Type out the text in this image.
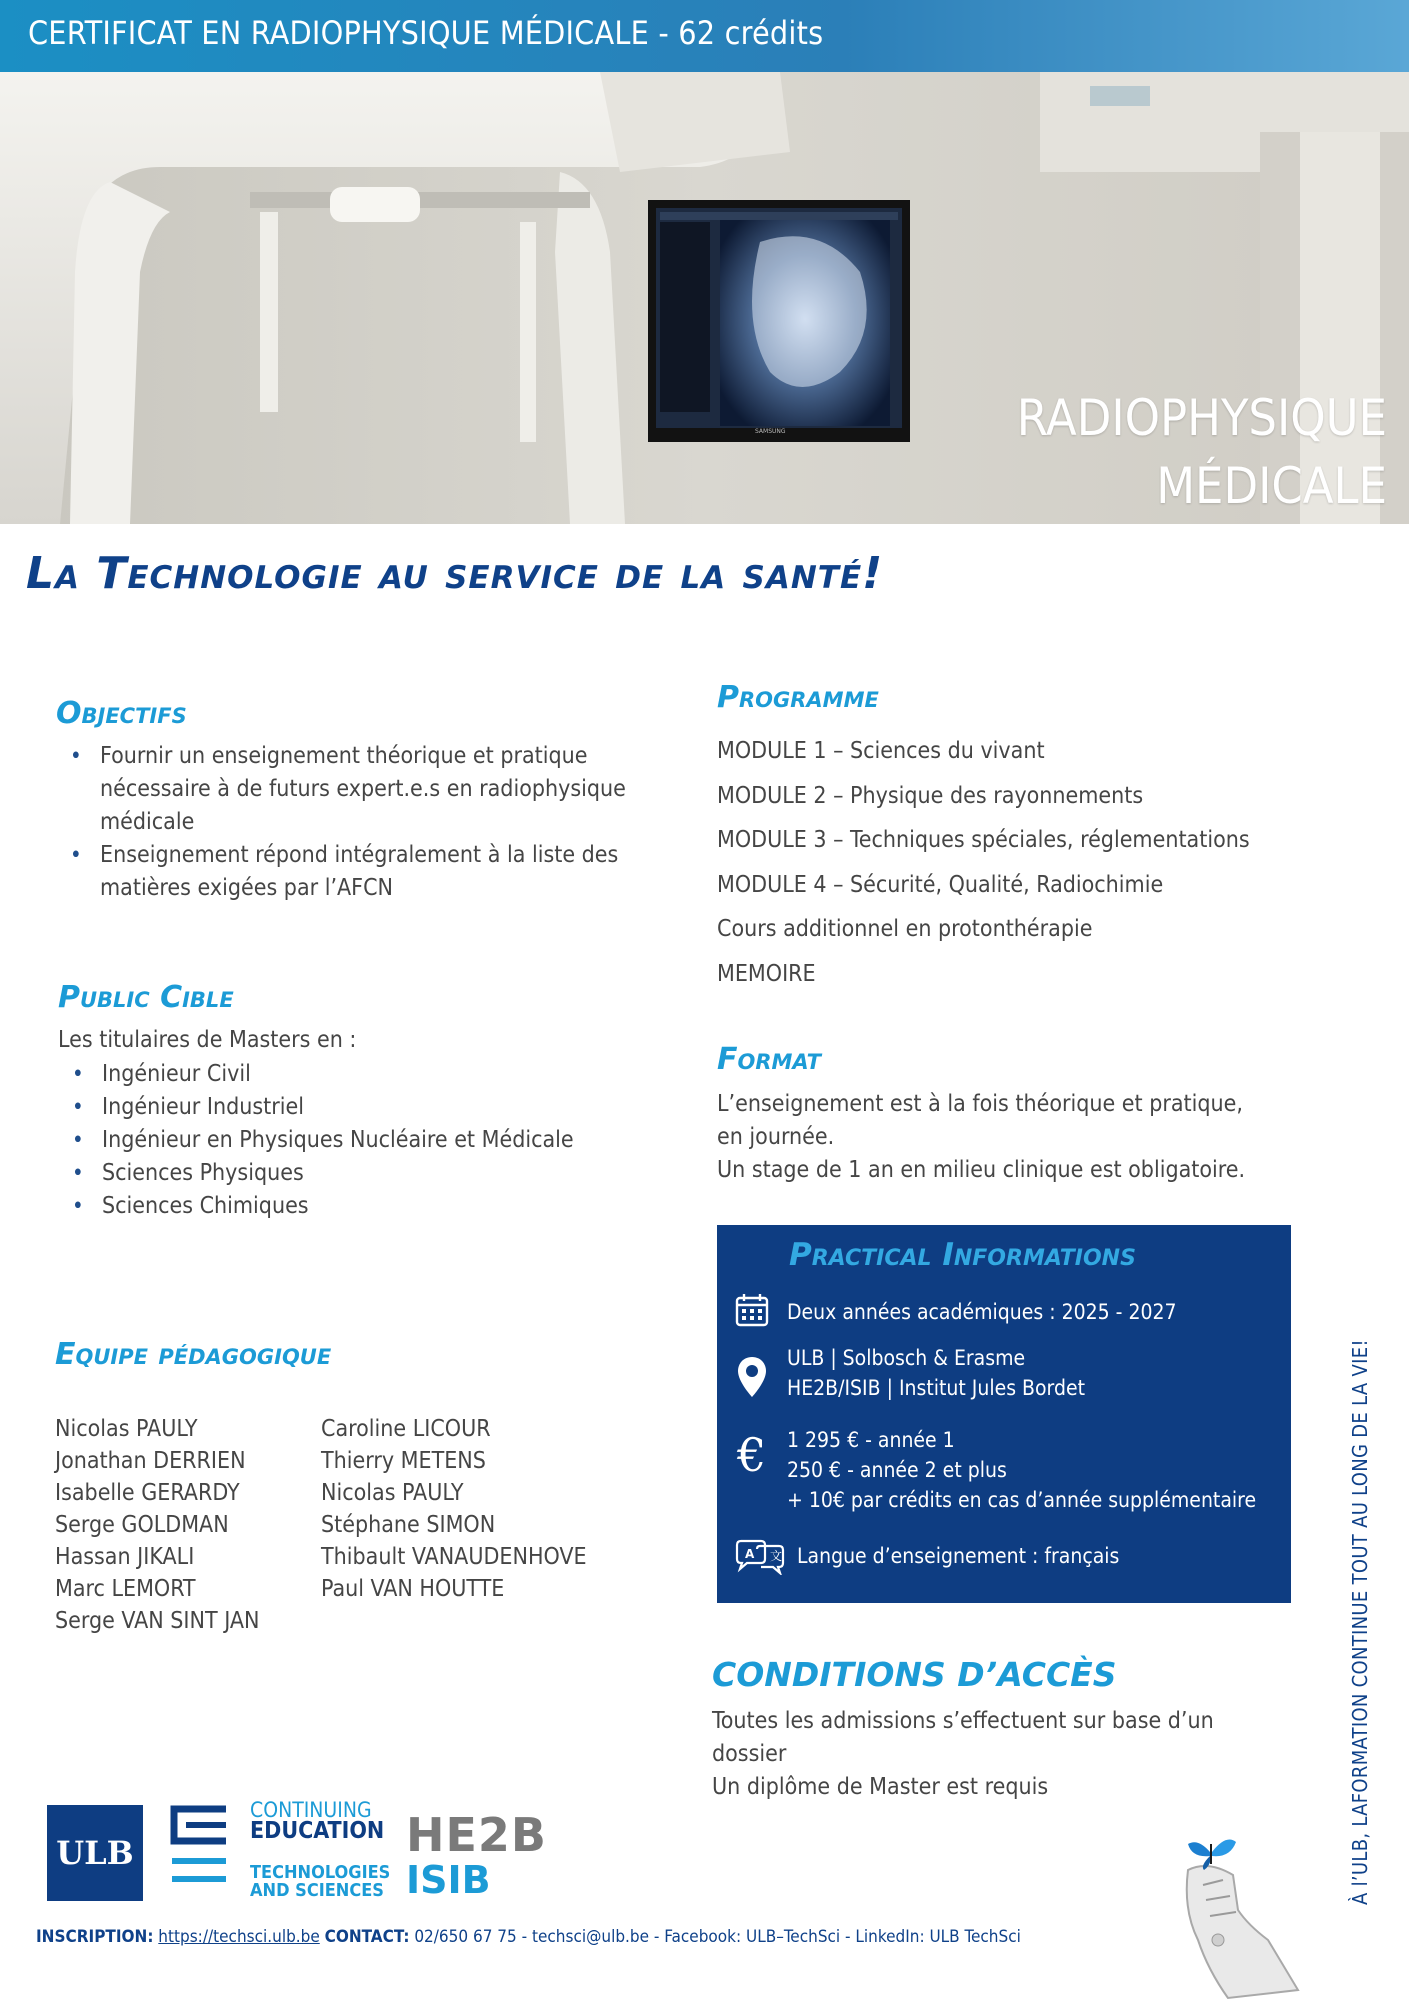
CERTIFICAT EN RADIOPHYSIQUE MÉDICALE - 62 crédits
SAMSUNG	RADIOPHYSIQUE
MÉDICALE
La Technologie au service de la santé!
Objectifs
• Fournir un enseignement théorique et pratique nécessaire à de futurs expert.e.s en radiophysique médicale
• Enseignement répond intégralement à la liste des matières exigées par l’AFCN
Public Cible
Les titulaires de Masters en :
• Ingénieur Civil
• Ingénieur Industriel
• Ingénieur en Physiques Nucléaire et Médicale
• Sciences Physiques
• Sciences Chimiques
Equipe pédagogique
Nicolas PAULY
Jonathan DERRIEN
Isabelle GERARDY
Serge GOLDMAN
Hassan JIKALI
Marc LEMORT
Serge VAN SINT JAN
Caroline LICOUR
Thierry METENS
Nicolas PAULY
Stéphane SIMON
Thibault VANAUDENHOVE
Paul VAN HOUTTE
Programme
MODULE 1 – Sciences du vivant
MODULE 2 – Physique des rayonnements
MODULE 3 – Techniques spéciales, réglementations
MODULE 4 – Sécurité, Qualité, Radiochimie
Cours additionnel en protonthérapie
MEMOIRE
Format
L’enseignement est à la fois théorique et pratique,
en journée.
Un stage de 1 an en milieu clinique est obligatoire.
Practical Informations
Deux années académiques : 2025 - 2027
ULB | Solbosch & Erasme
HE2B/ISIB | Institut Jules Bordet
€ 1 295 € - année 1
250 € - année 2 et plus
+ 10€ par crédits en cas d’année supplémentaire
A 文 Langue d’enseignement : français
CONDITIONS D’ACCÈS
Toutes les admissions s’effectuent sur base d’un
dossier
Un diplôme de Master est requis
ULB
CONTINUING
EDUCATION
TECHNOLOGIES
AND SCIENCES
HE2B
ISIB	À l’ULB, LAFORMATION CONTINUE TOUT AU LONG DE LA VIE!
INSCRIPTION: https://techsci.ulb.be CONTACT: 02/650 67 75 - techsci@ulb.be - Facebook: ULB–TechSci - LinkedIn: ULB TechSci
